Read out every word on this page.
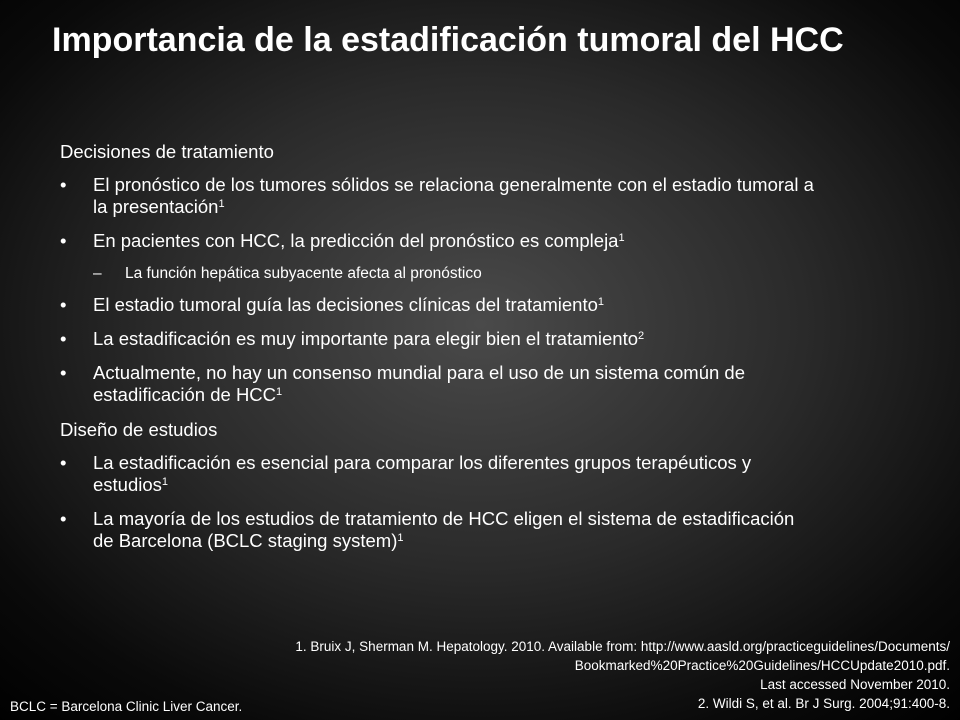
Importancia de la estadificación tumoral del HCC
Decisiones de tratamiento
• El pronóstico de los tumores sólidos se relaciona generalmente con el estadio tumoral a la presentación$^1$
• En pacientes con HCC, la predicción del pronóstico es compleja$^1$
– La función hepática subyacente afecta al pronóstico
• El estadio tumoral guía las decisiones clínicas del tratamiento$^1$
• La estadificación es muy importante para elegir bien el tratamiento$^2$
• Actualmente, no hay un consenso mundial para el uso de un sistema común de estadificación de HCC$^1$
Diseño de estudios
• La estadificación es esencial para comparar los diferentes grupos terapéuticos y estudios$^1$
• La mayoría de los estudios de tratamiento de HCC eligen el sistema de estadificación de Barcelona (BCLC staging system)$^1$
1. Bruix J, Sherman M. Hepatology. 2010. Available from: http://www.aasld.org/practiceguidelines/Documents/
Bookmarked%20Practice%20Guidelines/HCCUpdate2010.pdf.
Last accessed November 2010.
2. Wildi S, et al. Br J Surg. 2004;91:400-8.
BCLC = Barcelona Clinic Liver Cancer.
